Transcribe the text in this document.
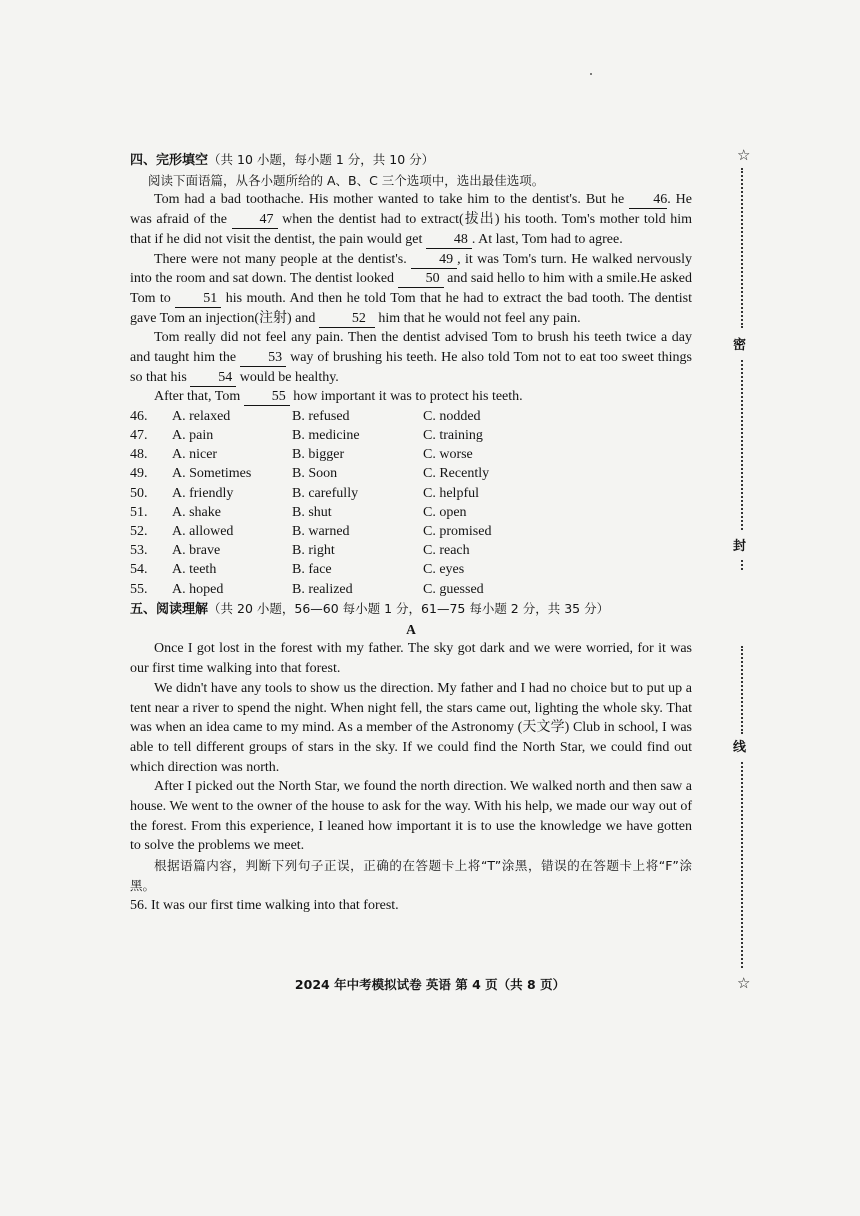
四、完形填空（共 10 小题，每小题 1 分，共 10 分）

阅读下面语篇，从各小题所给的 A、B、C 三个选项中，选出最佳选项。

Tom had a bad toothache. His mother wanted to take him to the dentist's. But he 46. He was afraid of the 47 when the dentist had to extract(拔出) his tooth. Tom's mother told him that if he did not visit the dentist, the pain would get 48 . At last, Tom had to agree.

There were not many people at the dentist's. 49 , it was Tom's turn. He walked nervously into the room and sat down. The dentist looked 50 and said hello to him with a smile.He asked Tom to 51 his mouth. And then he told Tom that he had to extract the bad tooth. The dentist gave Tom an injection(注射) and	52 him that he would not feel any pain.

Tom really did not feel any pain. Then the dentist advised Tom to brush his teeth twice a day and taught him the 53 way of brushing his teeth. He also told Tom not to eat too sweet things so that his 54 would be healthy.

After that, Tom 55 how important it was to protect his teeth.

46.	A. relaxed	B. refused	C. nodded
47.	A. pain	B. medicine	C. training
48.	A. nicer	B. bigger	C. worse
49.	A. Sometimes	B. Soon	C. Recently
50.	A. friendly	B. carefully	C. helpful
51.	A. shake	B. shut	C. open
52.	A. allowed	B. warned	C. promised
53.	A. brave	B. right	C. reach
54.	A. teeth	B. face	C. eyes
55.	A. hoped	B. realized	C. guessed
五、阅读理解（共 20 小题，56—60 每小题 1 分，61—75 每小题 2 分，共 35 分）

A

Once I got lost in the forest with my father. The sky got dark and we were worried, for it was our first time walking into that forest.

We didn't have any tools to show us the direction. My father and I had no choice but to put up a tent near a river to spend the night. When night fell, the stars came out, lighting the whole sky. That was when an idea came to my mind. As a member of the Astronomy (天文学) Club in school, I was able to tell different groups of stars in the sky. If we could find the North Star, we could find out which direction was north.

After I picked out the North Star, we found the north direction. We walked north and then saw a house. We went to the owner of the house to ask for the way. With his help, we made our way out of the forest. From this experience, I leaned how important it is to use the knowledge we have gotten to solve the problems we meet.

根据语篇内容，判断下列句子正误，正确的在答题卡上将“T”涂黑，错误的在答题卡上将“F”涂黑。

56. It was our first time walking into that forest.

2024 年中考模拟试卷 英语 第 4 页（共 8 页）
☆
密
封
线
☆
